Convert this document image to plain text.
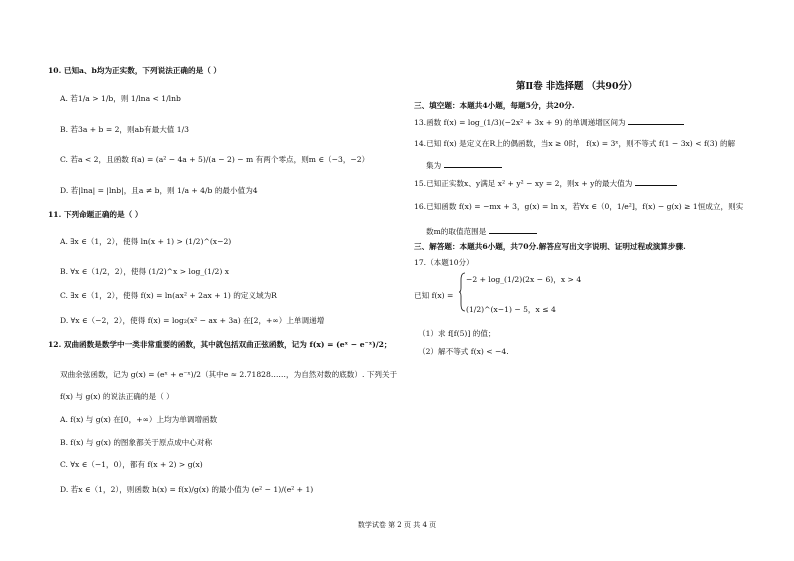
10. 已知a、b均为正实数，下列说法正确的是（ ）
A. 若1/a > 1/b，则 1/lna < 1/lnb
B. 若3a + b = 2，则ab有最大值 1/3
C. 若a < 2，且函数 f(a) = (a² − 4a + 5)/(a − 2) − m 有两个零点，则m ∈（−3，−2）
D. 若|lna| = |lnb|，且a ≠ b，则 1/a + 4/b 的最小值为4
11. 下列命题正确的是（ ）
A. ∃x ∈（1，2），使得 ln(x + 1) > (1/2)^(x−2)
B. ∀x ∈（1/2，2），使得 (1/2)^x > log_(1/2) x
C. ∃x ∈（1，2），使得 f(x) = ln(ax² + 2ax + 1) 的定义域为R
D. ∀x ∈（−2，2），使得 f(x) = log₂(x² − ax + 3a) 在[2，+∞）上单调递增
12. 双曲函数是数学中一类非常重要的函数，其中就包括双曲正弦函数，记为 f(x) = (eˣ − e⁻ˣ)/2；
双曲余弦函数，记为 g(x) = (eˣ + e⁻ˣ)/2（其中e ≈ 2.71828……，为自然对数的底数）. 下列关于
f(x) 与 g(x) 的说法正确的是（ ）
A. f(x) 与 g(x) 在[0，+∞）上均为单调增函数
B. f(x) 与 g(x) 的图象都关于原点成中心对称
C. ∀x ∈（−1，0），都有 f(x + 2) > g(x)
D. 若x ∈（1，2），则函数 h(x) = f(x)/g(x) 的最小值为 (e² − 1)/(e² + 1)
第Ⅱ卷 非选择题 （共90分）
三、填空题：本题共4小题，每题5分，共20分.
13.函数 f(x) = log_(1/3)(−2x² + 3x + 9) 的单调递增区间为
14.已知 f(x) 是定义在R上的偶函数，当x ≥ 0时， f(x) = 3ˣ，则不等式 f(1 − 3x) < f(3) 的解
集为
15.已知正实数x、y满足 x² + y² − xy = 2，则x + y的最大值为
16.已知函数 f(x) = −mx + 3，g(x) = ln x，若∀x ∈（0，1/e²]，f(x) − g(x) ≥ 1恒成立，则实
数m的取值范围是
三、解答题：本题共6小题，共70分.解答应写出文字说明、证明过程或演算步骤.
17.（本题10分）
−2 + log_(1/2)(2x − 6)，x > 4
已知 f(x) =
(1/2)^(x−1) − 5，x ≤ 4
（1）求 f[f(5)] 的值；
（2）解不等式 f(x) < −4.
数学试卷 第 2 页 共 4 页
